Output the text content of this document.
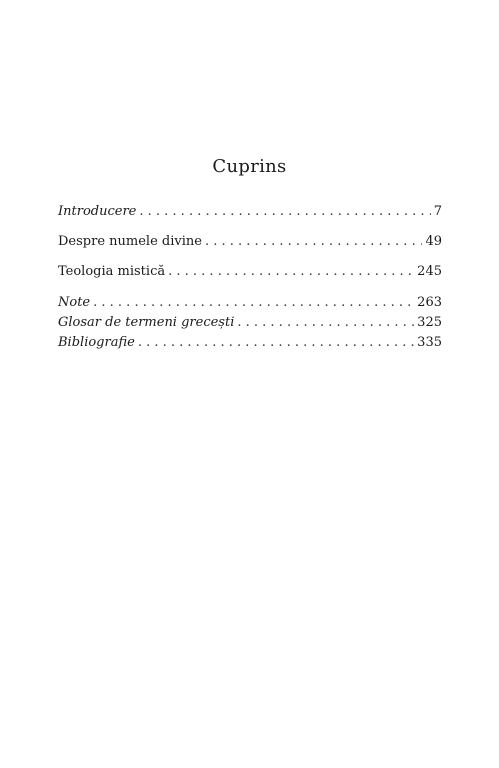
Cuprins
Introducere . . .	7
Despre numele divine . . .	49
Teologia mistică . . .	245
Note . . .	263
Glosar de termeni grecești . . .	325
Bibliografie . . .	335
